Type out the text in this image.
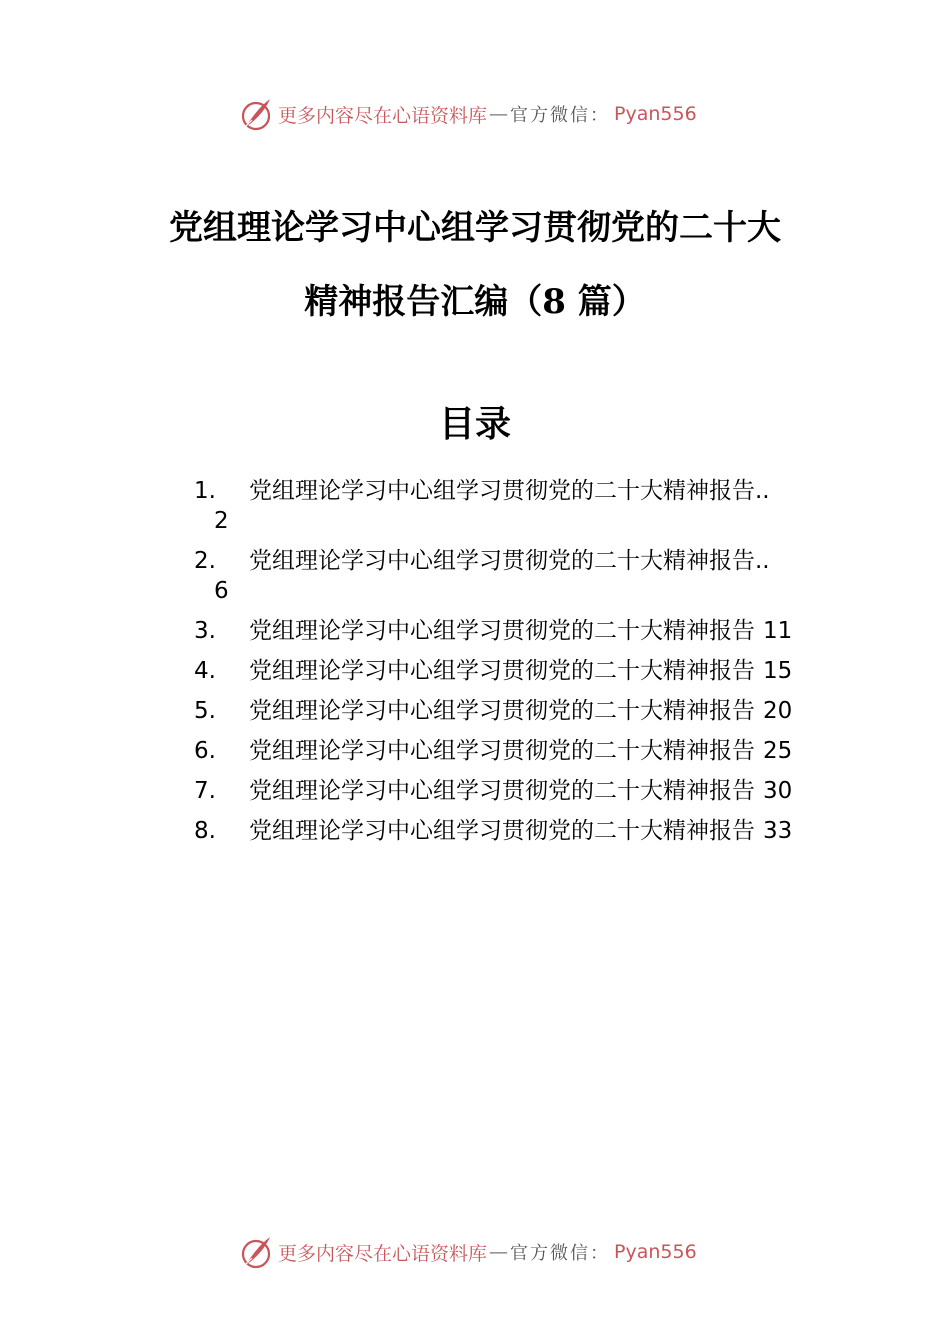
更多内容尽在心语资料库 — 官方微信： Pyan556
党组理论学习中心组学习贯彻党的二十大
精神报告汇编（8 篇）
目录
1.	党组理论学习中心组学习贯彻党的二十大精神报告..
2
2.	党组理论学习中心组学习贯彻党的二十大精神报告..
6
3.	党组理论学习中心组学习贯彻党的二十大精神报告 11
4.	党组理论学习中心组学习贯彻党的二十大精神报告 15
5.	党组理论学习中心组学习贯彻党的二十大精神报告 20
6.	党组理论学习中心组学习贯彻党的二十大精神报告 25
7.	党组理论学习中心组学习贯彻党的二十大精神报告 30
8.	党组理论学习中心组学习贯彻党的二十大精神报告 33
更多内容尽在心语资料库 — 官方微信： Pyan556
